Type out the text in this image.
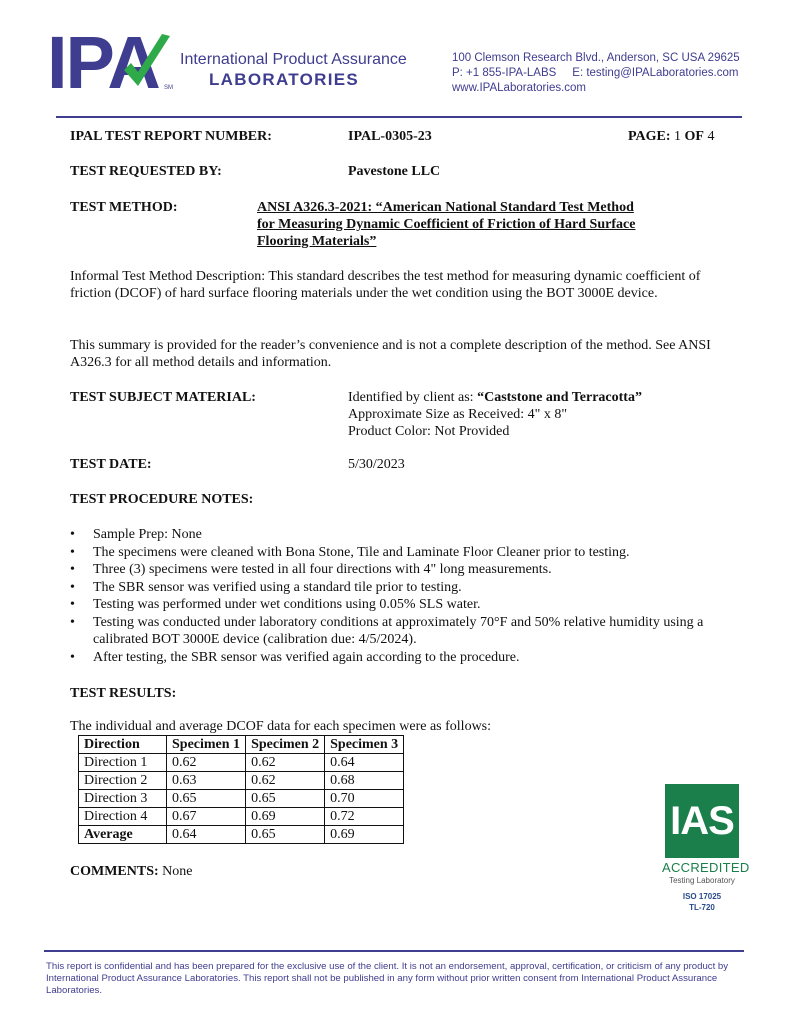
IPA SM
International Product Assurance
LABORATORIES
100 Clemson Research Blvd., Anderson, SC USA 29625
P: +1 855-IPA-LABS     E: testing@IPALaboratories.com
www.IPALaboratories.com
IPAL TEST REPORT NUMBER:	IPAL-0305-23	PAGE: 1 OF 4
TEST REQUESTED BY:	Pavestone LLC
TEST METHOD:	ANSI A326.3-2021: “American National Standard Test Method
for Measuring Dynamic Coefficient of Friction of Hard Surface
Flooring Materials”
Informal Test Method Description: This standard describes the test method for measuring dynamic coefficient of friction (DCOF) of hard surface flooring materials under the wet condition using the BOT 3000E device.
This summary is provided for the reader’s convenience and is not a complete description of the method. See ANSI A326.3 for all method details and information.
TEST SUBJECT MATERIAL:	Identified by client as: “Caststone and Terracotta”
Approximate Size as Received: 4" x 8"
Product Color: Not Provided
TEST DATE:	5/30/2023
TEST PROCEDURE NOTES:
• Sample Prep: None
• The specimens were cleaned with Bona Stone, Tile and Laminate Floor Cleaner prior to testing.
• Three (3) specimens were tested in all four directions with 4" long measurements.
• The SBR sensor was verified using a standard tile prior to testing.
• Testing was performed under wet conditions using 0.05% SLS water.
• Testing was conducted under laboratory conditions at approximately 70°F and 50% relative humidity using a calibrated BOT 3000E device (calibration due: 4/5/2024).
• After testing, the SBR sensor was verified again according to the procedure.
TEST RESULTS:
The individual and average DCOF data for each specimen were as follows:
Direction	Specimen 1	Specimen 2	Specimen 3
Direction 1	0.62	0.62	0.64
Direction 2	0.63	0.62	0.68
Direction 3	0.65	0.65	0.70
Direction 4	0.67	0.69	0.72
Average	0.64	0.65	0.69
COMMENTS: None
IAS
ACCREDITED
Testing Laboratory
ISO 17025
TL-720
This report is confidential and has been prepared for the exclusive use of the client. It is not an endorsement, approval, certification, or criticism of any product by International Product Assurance Laboratories. This report shall not be published in any form without prior written consent from International Product Assurance Laboratories.
